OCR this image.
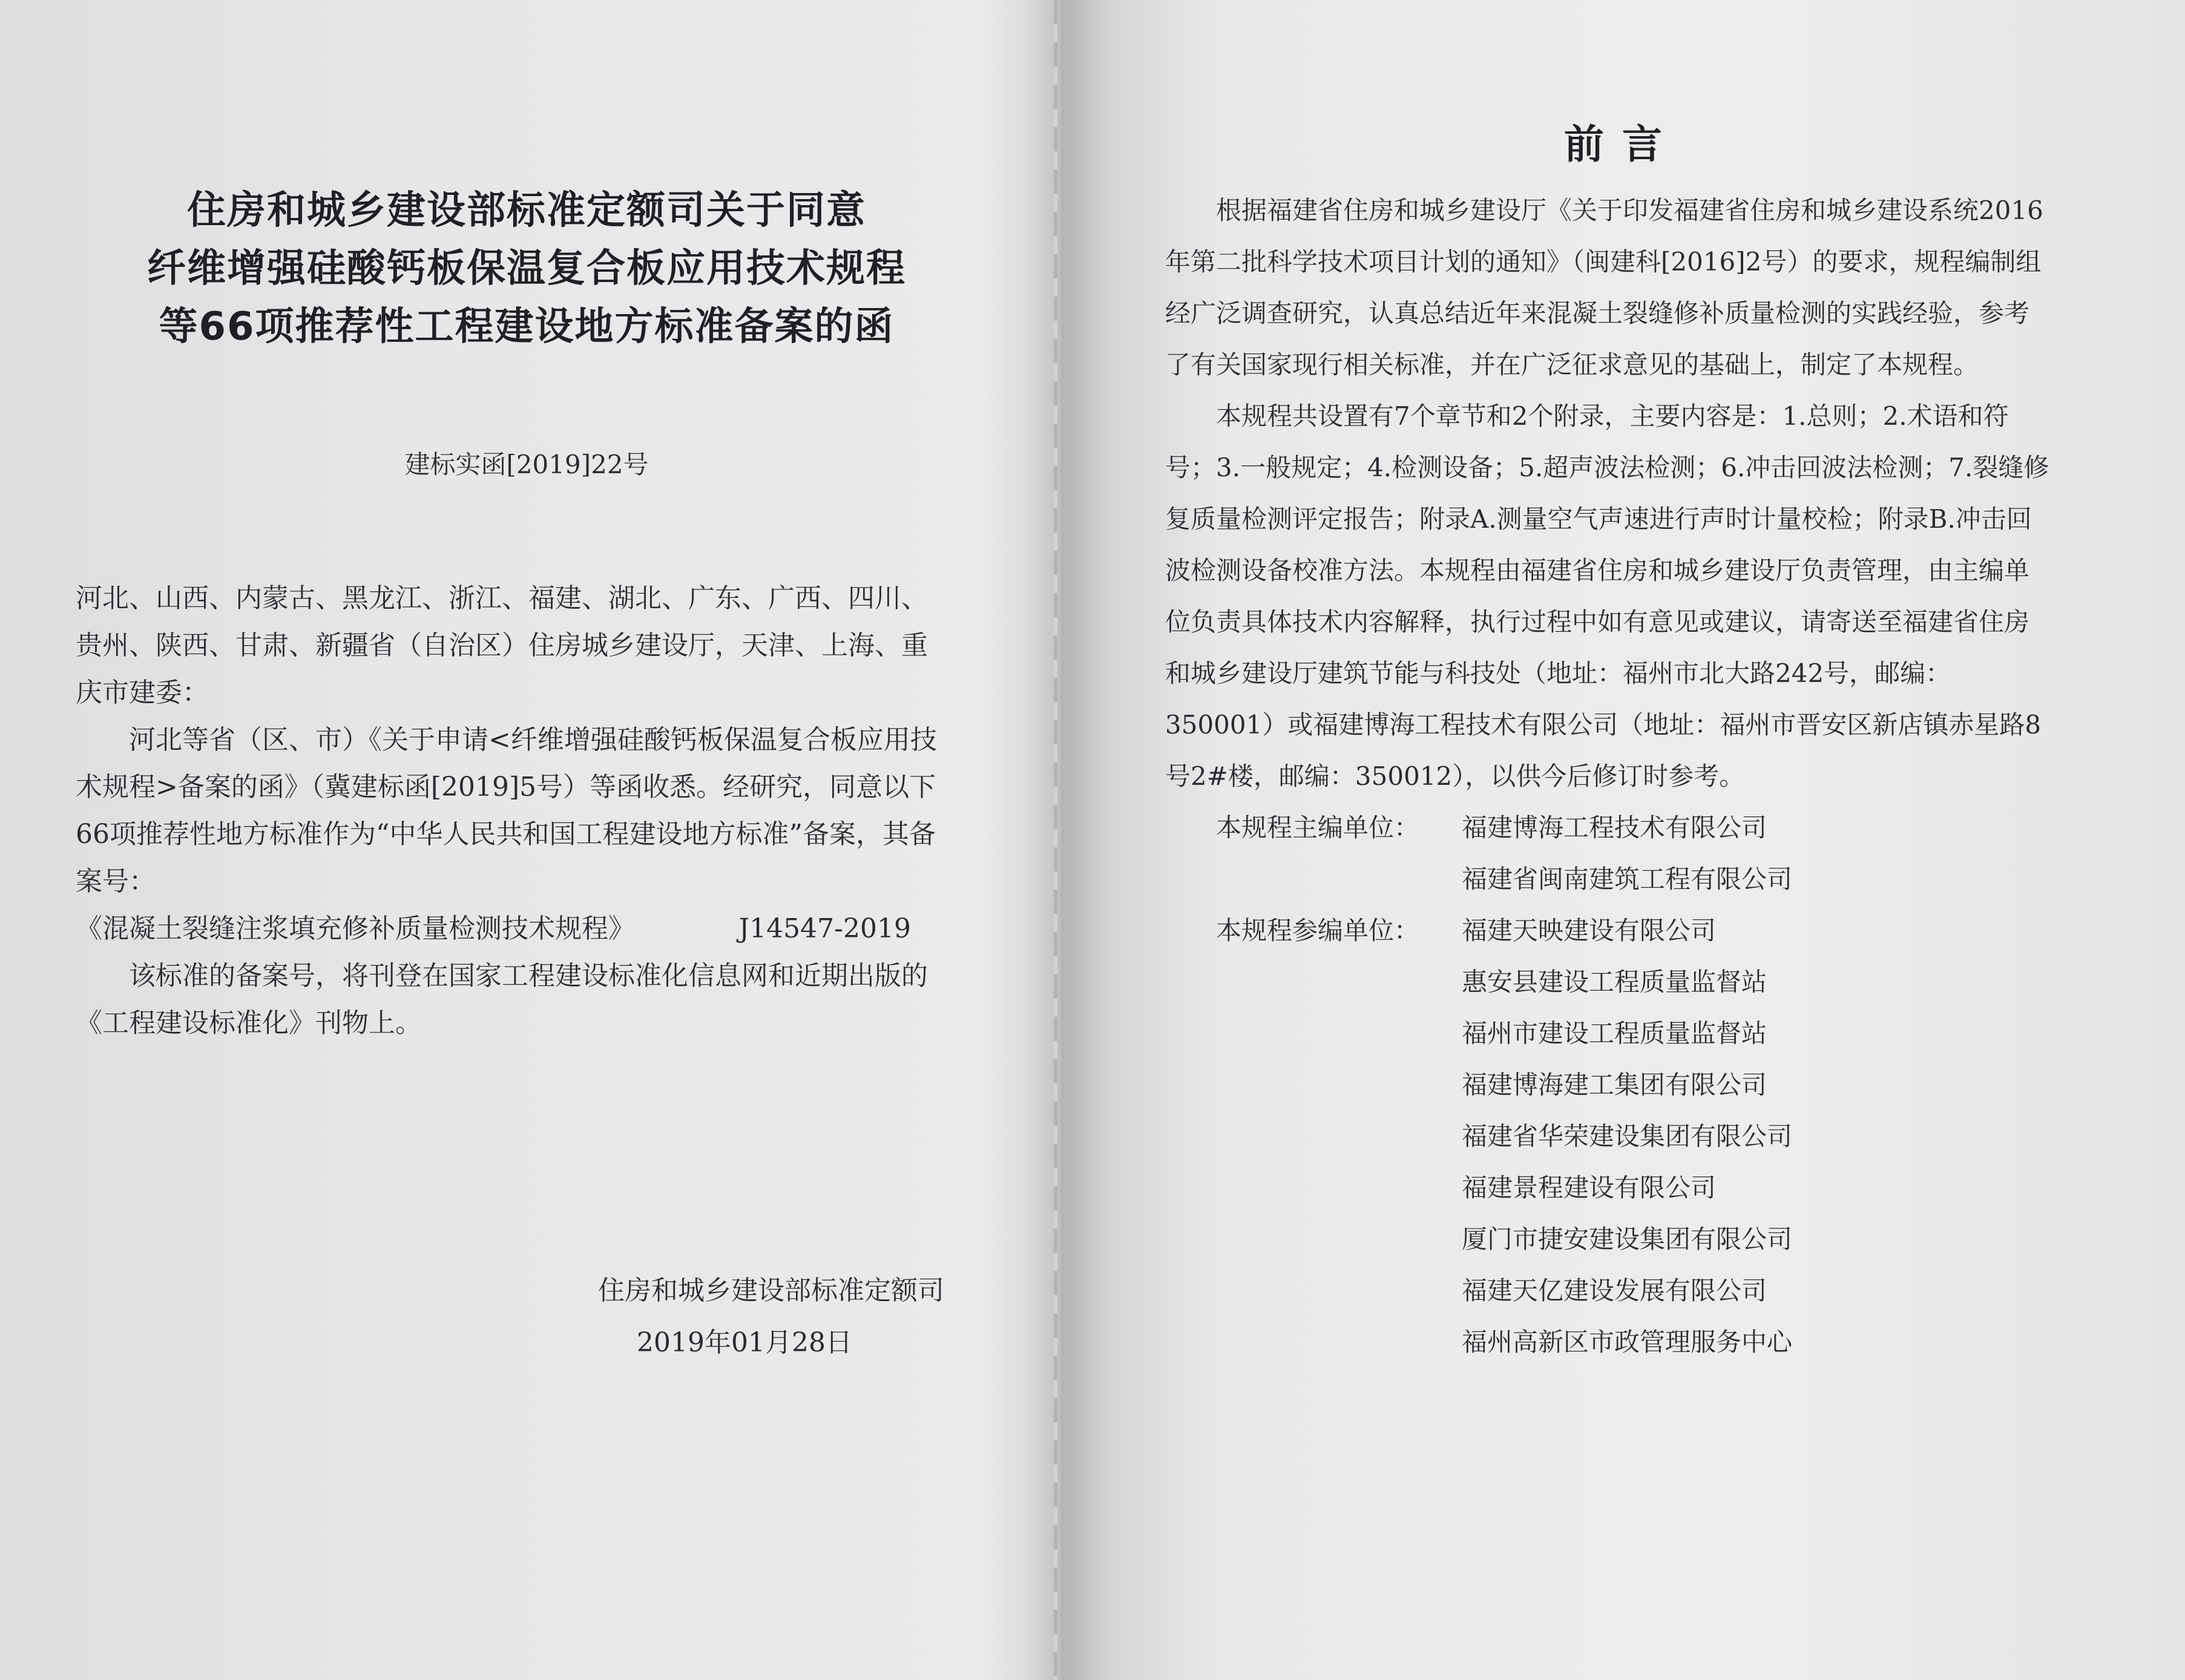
住房和城乡建设部标准定额司关于同意
纤维增强硅酸钙板保温复合板应用技术规程
等66项推荐性工程建设地方标准备案的函
建标实函[2019]22号

河北、山西、内蒙古、黑龙江、浙江、福建、湖北、广东、广西、四川、贵州、陕西、甘肃、新疆省（自治区）住房城乡建设厅，天津、上海、重庆市建委：

河北等省（区、市）《关于申请<纤维增强硅酸钙板保温复合板应用技术规程>备案的函》（冀建标函[2019]5号）等函收悉。经研究，同意以下66项推荐性地方标准作为“中华人民共和国工程建设地方标准”备案，其备案号：

《混凝土裂缝注浆填充修补质量检测技术规程》	J14547-2019

该标准的备案号，将刊登在国家工程建设标准化信息网和近期出版的《工程建设标准化》刊物上。

住房和城乡建设部标准定额司
2019年01月28日
前言

根据福建省住房和城乡建设厅《关于印发福建省住房和城乡建设系统2016年第二批科学技术项目计划的通知》（闽建科[2016]2号）的要求，规程编制组经广泛调查研究，认真总结近年来混凝土裂缝修补质量检测的实践经验，参考了有关国家现行相关标准，并在广泛征求意见的基础上，制定了本规程。

本规程共设置有7个章节和2个附录，主要内容是：1.总则；2.术语和符号；3.一般规定；4.检测设备；5.超声波法检测；6.冲击回波法检测；7.裂缝修复质量检测评定报告；附录A.测量空气声速进行声时计量校检；附录B.冲击回波检测设备校准方法。本规程由福建省住房和城乡建设厅负责管理，由主编单位负责具体技术内容解释，执行过程中如有意见或建议，请寄送至福建省住房和城乡建设厅建筑节能与科技处（地址：福州市北大路242号，邮编：350001）或福建博海工程技术有限公司（地址：福州市晋安区新店镇赤星路8号2#楼，邮编：350012），以供今后修订时参考。

本规程主编单位：	福建博海工程技术有限公司
福建省闽南建筑工程有限公司
本规程参编单位：	福建天映建设有限公司
惠安县建设工程质量监督站
福州市建设工程质量监督站
福建博海建工集团有限公司
福建省华荣建设集团有限公司
福建景程建设有限公司
厦门市捷安建设集团有限公司
福建天亿建设发展有限公司
福州高新区市政管理服务中心
